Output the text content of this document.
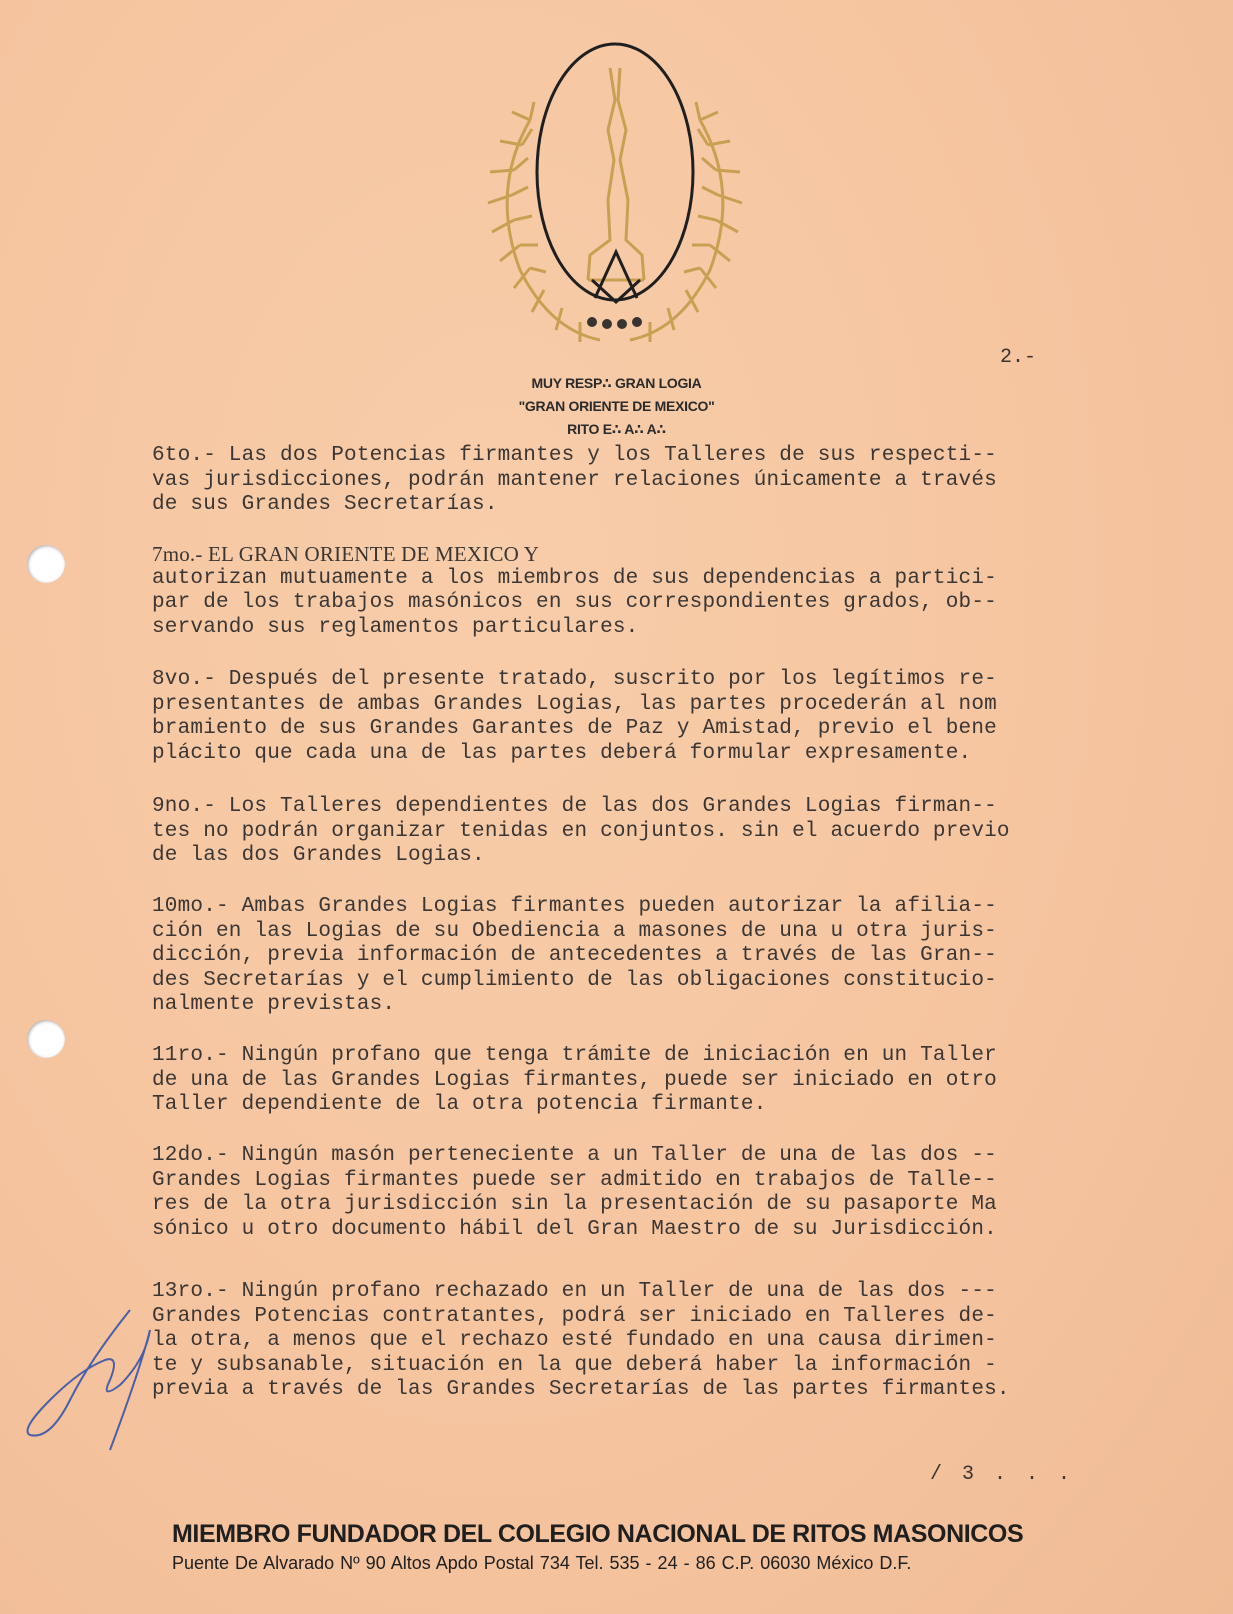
MUY RESP∴ GRAN LOGIA
"GRAN ORIENTE DE MEXICO"
RITO E∴ A∴ A∴
2.-
6to.- Las dos Potencias firmantes y los Talleres de sus respecti--
vas jurisdicciones, podrán mantener relaciones únicamente a través
de sus Grandes Secretarías.
7mo.- EL GRAN ORIENTE DE MEXICO Y
autorizan mutuamente a los miembros de sus dependencias a partici-
par de los trabajos masónicos en sus correspondientes grados, ob--
servando sus reglamentos particulares.
8vo.- Después del presente tratado, suscrito por los legítimos re-
presentantes de ambas Grandes Logias, las partes procederán al nom
bramiento de sus Grandes Garantes de Paz y Amistad, previo el bene
plácito que cada una de las partes deberá formular expresamente.
9no.- Los Talleres dependientes de las dos Grandes Logias firman--
tes no podrán organizar tenidas en conjuntos. sin el acuerdo previo
de las dos Grandes Logias.
10mo.- Ambas Grandes Logias firmantes pueden autorizar la afilia--
ción en las Logias de su Obediencia a masones de una u otra juris-
dicción, previa información de antecedentes a través de las Gran--
des Secretarías y el cumplimiento de las obligaciones constitucio-
nalmente previstas.
11ro.- Ningún profano que tenga trámite de iniciación en un Taller
de una de las Grandes Logias firmantes, puede ser iniciado en otro
Taller dependiente de la otra potencia firmante.
12do.- Ningún masón perteneciente a un Taller de una de las dos --
Grandes Logias firmantes puede ser admitido en trabajos de Talle--
res de la otra jurisdicción sin la presentación de su pasaporte Ma
sónico u otro documento hábil del Gran Maestro de su Jurisdicción.
13ro.- Ningún profano rechazado en un Taller de una de las dos ---
Grandes Potencias contratantes, podrá ser iniciado en Talleres de-
la otra, a menos que el rechazo esté fundado en una causa dirimen-
te y subsanable, situación en la que deberá haber la información -
previa a través de las Grandes Secretarías de las partes firmantes.
/ 3 . . .
MIEMBRO FUNDADOR DEL COLEGIO NACIONAL DE RITOS MASONICOS
Puente De Alvarado Nº 90 Altos Apdo Postal 734 Tel. 535 - 24 - 86 C.P. 06030 México D.F.
